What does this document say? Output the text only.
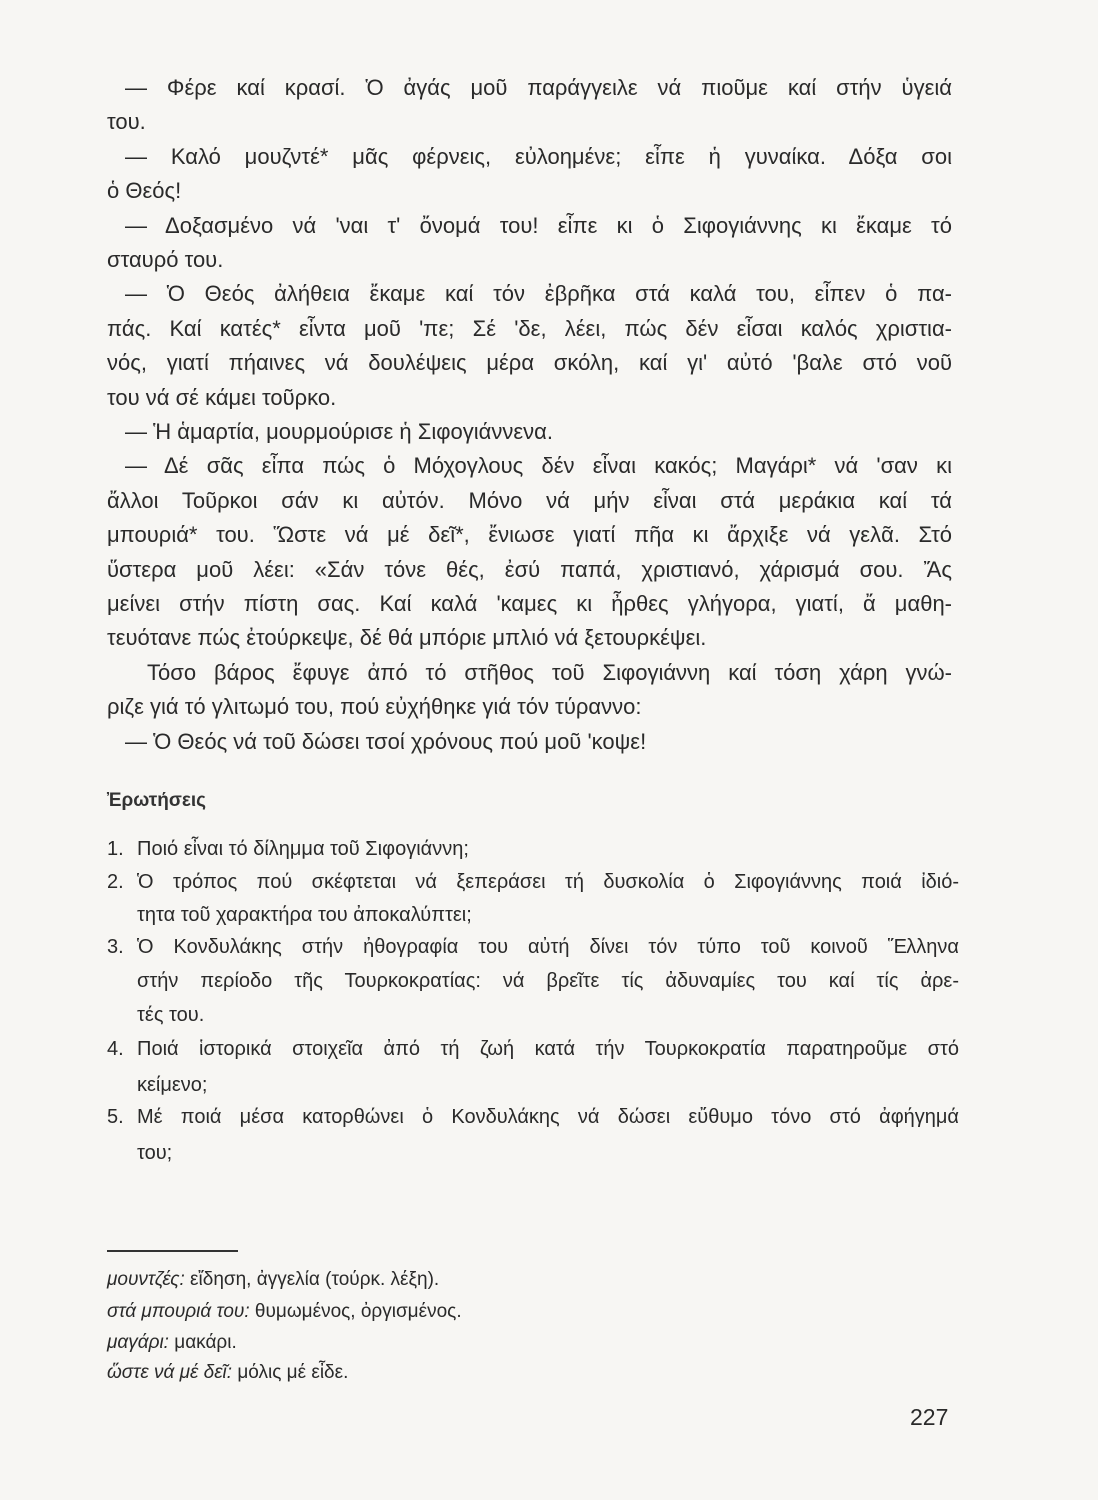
— Φέρε καί κρασί. Ὁ ἀγάς μοῦ παράγγειλε νά πιοῦμε καί στήν ὑγειά
του.
— Καλό μουζντέ* μᾶς φέρνεις, εὐλοημένε; εἶπε ἡ γυναίκα. Δόξα σοι
ὁ Θεός!
— Δοξασμένο νά 'ναι τ' ὄνομά του! εἶπε κι ὁ Σιφογιάννης κι ἔκαμε τό
σταυρό του.
— Ὁ Θεός ἀλήθεια ἔκαμε καί τόν ἐβρῆκα στά καλά του, εἶπεν ὁ πα-
πάς. Καί κατές* εἶντα μοῦ 'πε; Σέ 'δε, λέει, πώς δέν εἶσαι καλός χριστια-
νός, γιατί πήαινες νά δουλέψεις μέρα σκόλη, καί γι' αὐτό 'βαλε στό νοῦ
του νά σέ κάμει τοῦρκο.
— Ἡ ἁμαρτία, μουρμούρισε ἡ Σιφογιάννενα.
— Δέ σᾶς εἶπα πώς ὁ Μόχογλους δέν εἶναι κακός; Μαγάρι* νά 'σαν κι
ἄλλοι Τοῦρκοι σάν κι αὐτόν. Μόνο νά μήν εἶναι στά μεράκια καί τά
μπουριά* του. Ὥστε νά μέ δεῖ*, ἔνιωσε γιατί πῆα κι ἄρχιξε νά γελᾶ. Στό
ὕστερα μοῦ λέει: «Σάν τόνε θές, ἐσύ παπά, χριστιανό, χάρισμά σου. Ἄς
μείνει στήν πίστη σας. Καί καλά 'καμες κι ἦρθες γλήγορα, γιατί, ἄ μαθη-
τευότανε πώς ἐτούρκεψε, δέ θά μπόριε μπλιό νά ξετουρκέψει.
Τόσο βάρος ἔφυγε ἀπό τό στῆθος τοῦ Σιφογιάννη καί τόση χάρη γνώ-
ριζε γιά τό γλιτωμό του, πού εὐχήθηκε γιά τόν τύραννο:
— Ὁ Θεός νά τοῦ δώσει τσοί χρόνους πού μοῦ 'κοψε!
Ἐρωτήσεις
1. Ποιό εἶναι τό δίλημμα τοῦ Σιφογιάννη;
2. Ὁ τρόπος πού σκέφτεται νά ξεπεράσει τή δυσκολία ὁ Σιφογιάννης ποιά ἰδιό-
τητα τοῦ χαρακτήρα του ἀποκαλύπτει;
3. Ὁ Κονδυλάκης στήν ἠθογραφία του αὐτή δίνει τόν τύπο τοῦ κοινοῦ Ἕλληνα
στήν περίοδο τῆς Τουρκοκρατίας: νά βρεῖτε τίς ἀδυναμίες του καί τίς ἀρε-
τές του.
4. Ποιά ἱστορικά στοιχεῖα ἀπό τή ζωή κατά τήν Τουρκοκρατία παρατηροῦμε στό
κείμενο;
5. Μέ ποιά μέσα κατορθώνει ὁ Κονδυλάκης νά δώσει εὔθυμο τόνο στό ἀφήγημά
του;
μουντζές: εἴδηση, ἀγγελία (τούρκ. λέξη).
στά μπουριά του: θυμωμένος, ὀργισμένος.
μαγάρι: μακάρι.
ὥστε νά μέ δεῖ: μόλις μέ εἶδε.
227
